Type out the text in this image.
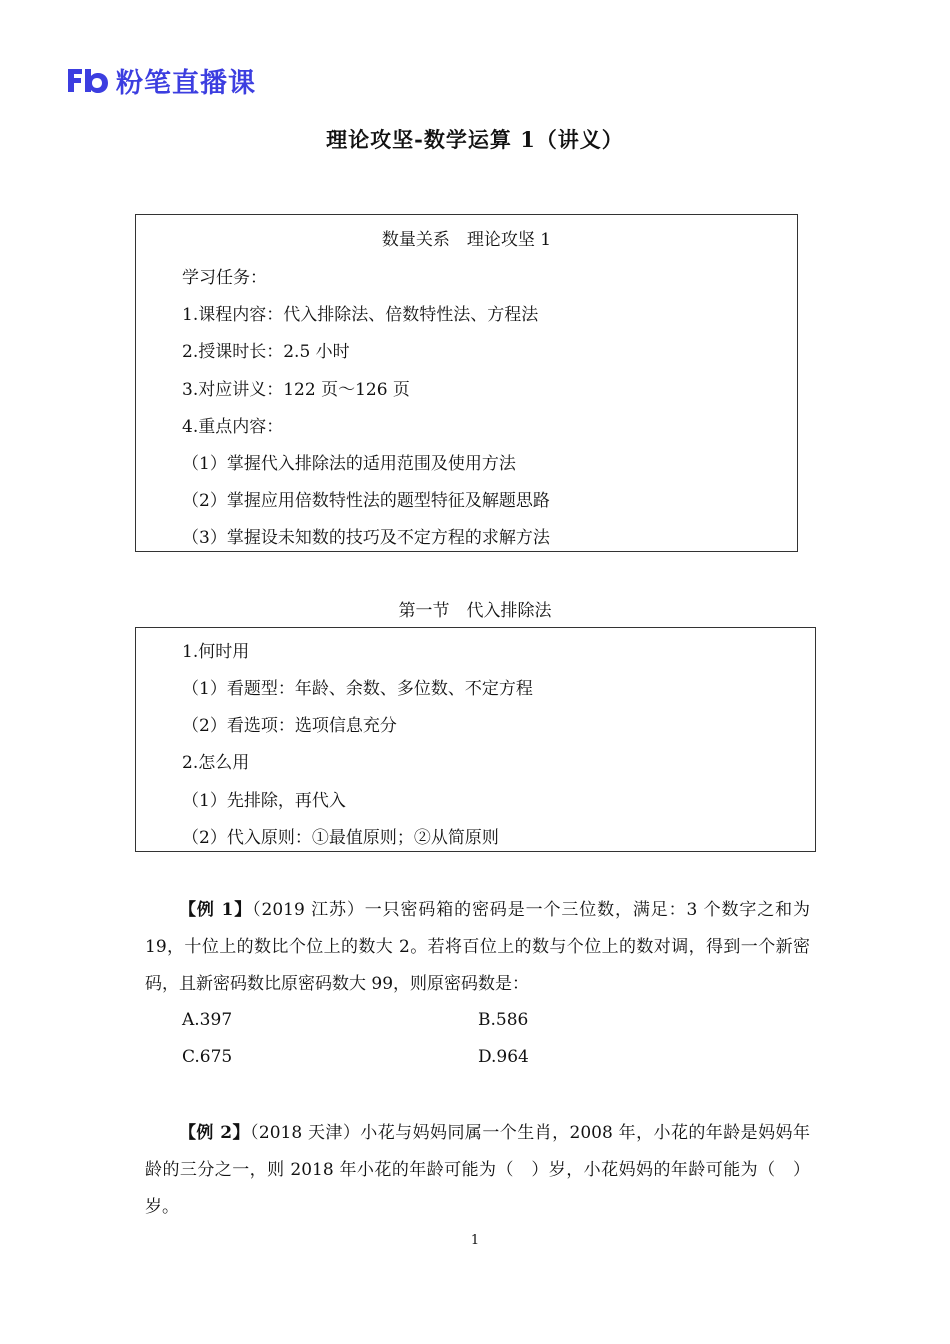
粉笔直播课
理论攻坚-数学运算 1（讲义）
数量关系　理论攻坚 1
学习任务：
1.课程内容：代入排除法、倍数特性法、方程法
2.授课时长：2.5 小时
3.对应讲义：122 页～126 页
4.重点内容：
（1）掌握代入排除法的适用范围及使用方法
（2）掌握应用倍数特性法的题型特征及解题思路
（3）掌握设未知数的技巧及不定方程的求解方法
第一节　代入排除法
1.何时用
（1）看题型：年龄、余数、多位数、不定方程
（2）看选项：选项信息充分
2.怎么用
（1）先排除，再代入
（2）代入原则：①最值原则；②从简原则
【例 1】（2019 江苏）一只密码箱的密码是一个三位数，满足：3 个数字之和为 19，十位上的数比个位上的数大 2。若将百位上的数与个位上的数对调，得到一个新密码，且新密码数比原密码数大 99，则原密码数是：
A.397	B.586
C.675	D.964
【例 2】（2018 天津）小花与妈妈同属一个生肖，2008 年，小花的年龄是妈妈年龄的三分之一，则 2018 年小花的年龄可能为（　）岁，小花妈妈的年龄可能为（　）岁。
1
